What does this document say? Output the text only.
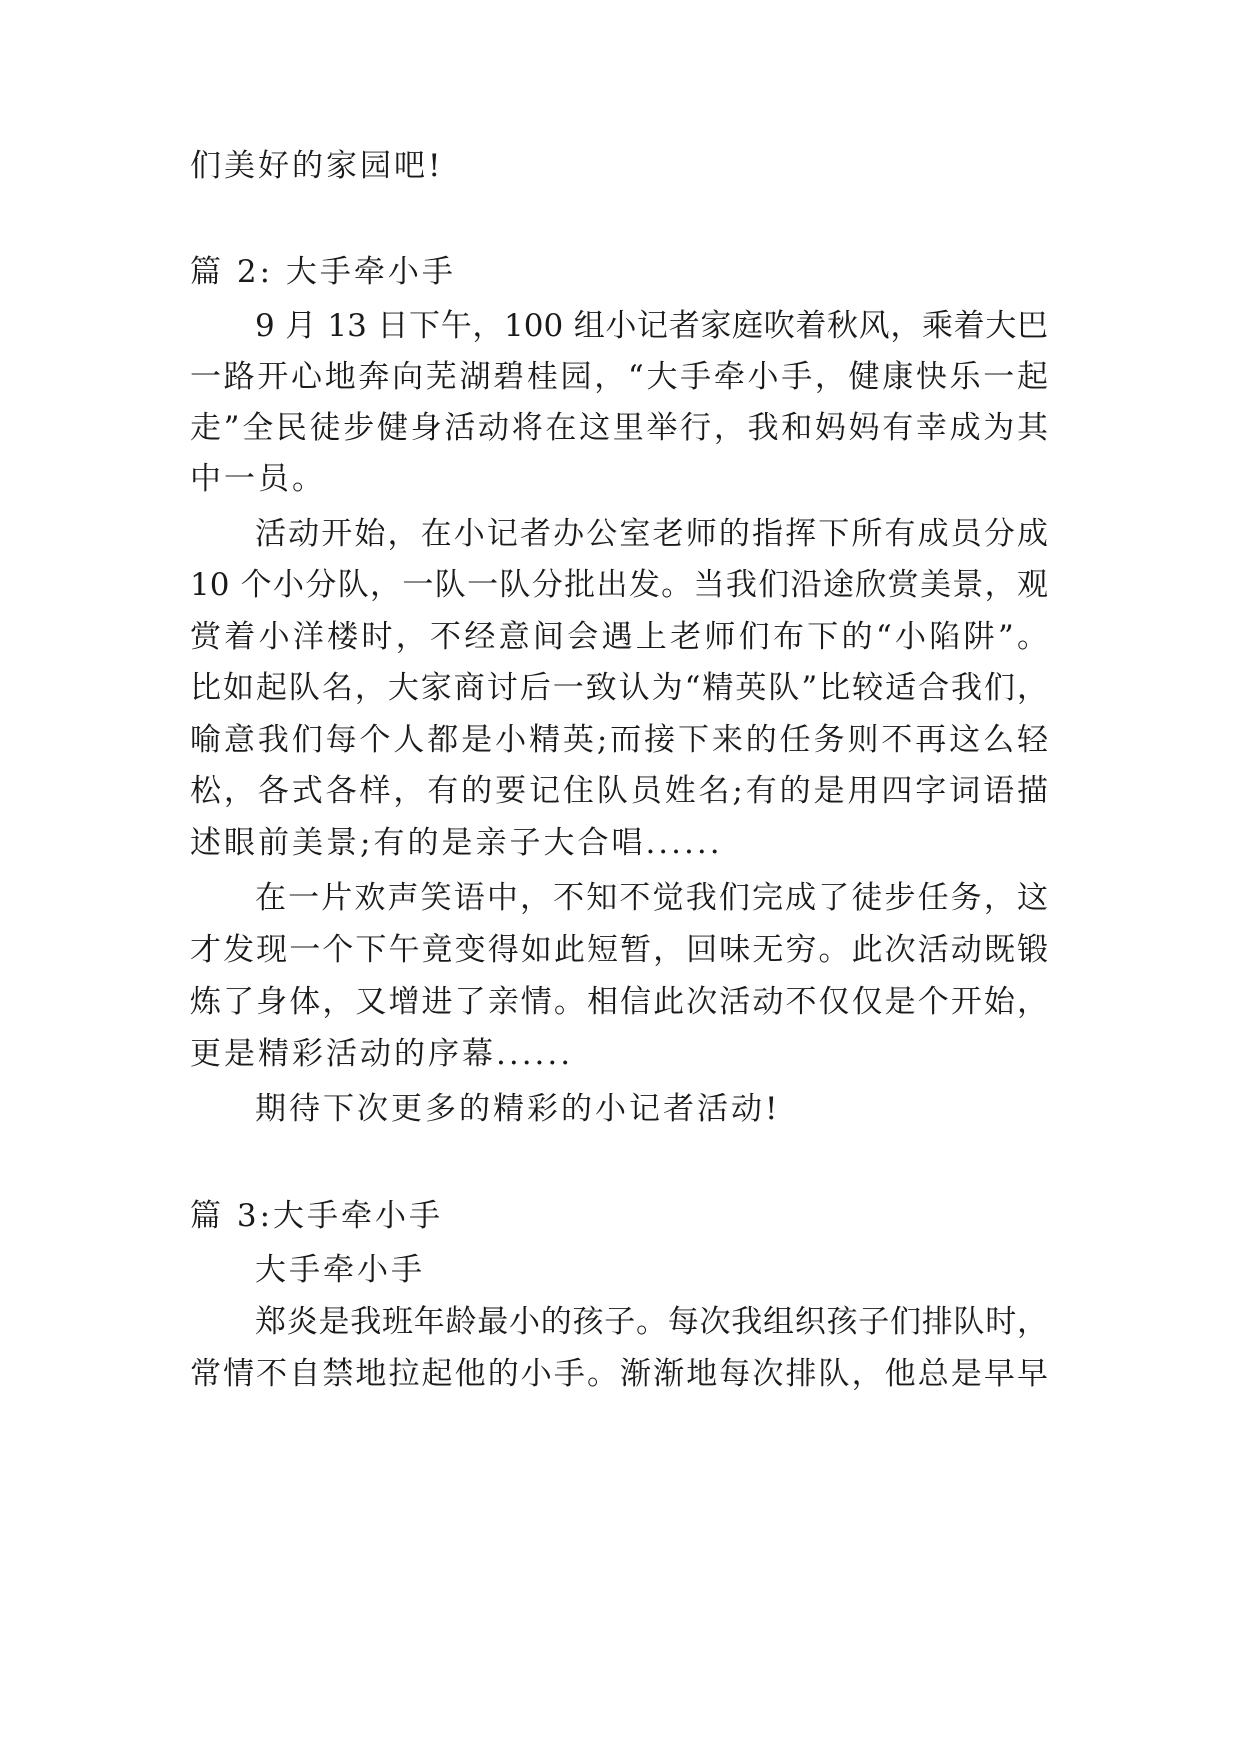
们美好的家园吧!
篇 2: 大手牵小手
9 月 13 日下午，100 组小记者家庭吹着秋风，乘着大巴
一路开心地奔向芜湖碧桂园，“大手牵小手，健康快乐一起
走”全民徒步健身活动将在这里举行，我和妈妈有幸成为其
中一员。
活动开始，在小记者办公室老师的指挥下所有成员分成
10 个小分队，一队一队分批出发。当我们沿途欣赏美景，观
赏着小洋楼时，不经意间会遇上老师们布下的“小陷阱”。
比如起队名，大家商讨后一致认为“精英队”比较适合我们，
喻意我们每个人都是小精英;而接下来的任务则不再这么轻
松，各式各样，有的要记住队员姓名;有的是用四字词语描
述眼前美景;有的是亲子大合唱......
在一片欢声笑语中，不知不觉我们完成了徒步任务，这
才发现一个下午竟变得如此短暂，回味无穷。此次活动既锻
炼了身体，又增进了亲情。相信此次活动不仅仅是个开始，
更是精彩活动的序幕......
期待下次更多的精彩的小记者活动!
篇 3:大手牵小手
大手牵小手
郑炎是我班年龄最小的孩子。每次我组织孩子们排队时，
常情不自禁地拉起他的小手。渐渐地每次排队，他总是早早
